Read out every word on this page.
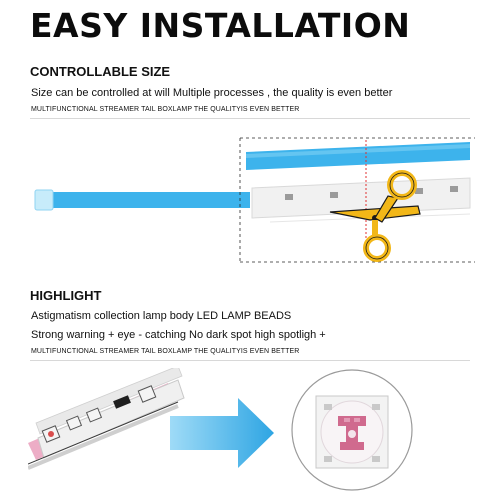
EASY INSTALLATION
CONTROLLABLE SIZE
Size can be controlled at will Multiple processes , the quality is even better
MULTIFUNCTIONAL STREAMER TAIL BOXLAMP THE QUALITYIS EVEN BETTER
HIGHLIGHT
Astigmatism collection lamp body LED LAMP BEADS
Strong warning + eye - catching No dark spot high spotligh +
MULTIFUNCTIONAL STREAMER TAIL BOXLAMP THE QUALITYIS EVEN BETTER
